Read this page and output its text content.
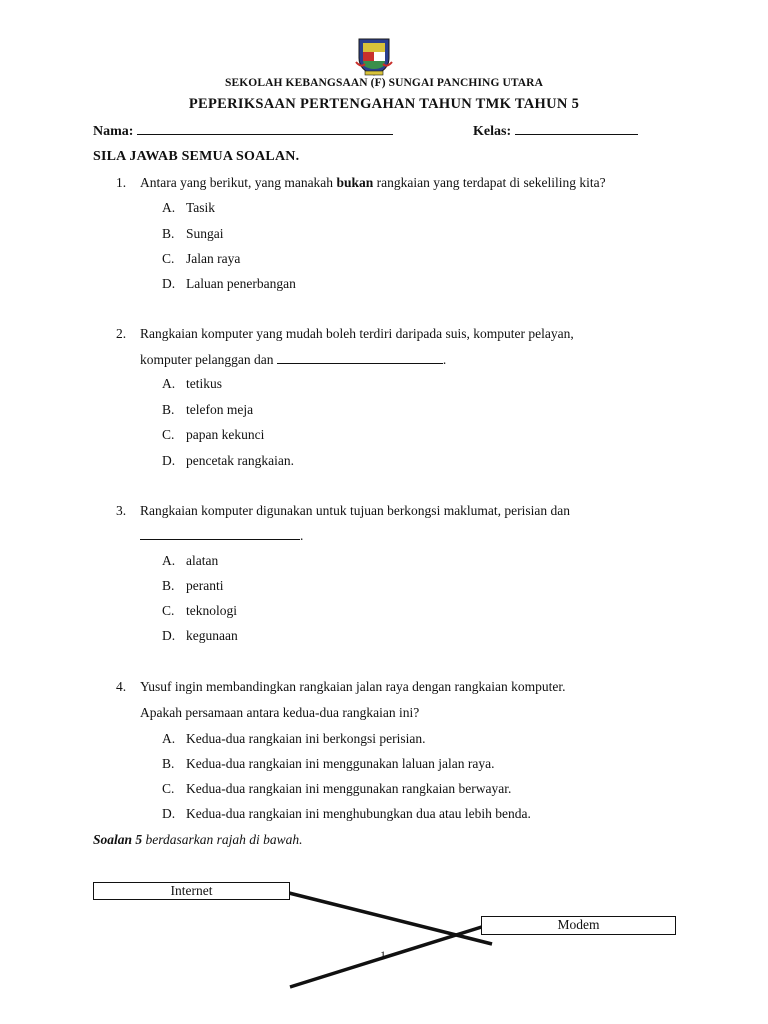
SEKOLAH KEBANGSAAN (F) SUNGAI PANCHING UTARA
PEPERIKSAAN PERTENGAHAN TAHUN TMK TAHUN 5
Nama:	Kelas:
SILA JAWAB SEMUA SOALAN.
1. Antara yang berikut, yang manakah bukan rangkaian yang terdapat di sekeliling kita?
A. Tasik
B. Sungai
C. Jalan raya
D. Laluan penerbangan
2. Rangkaian komputer yang mudah boleh terdiri daripada suis, komputer pelayan,
komputer pelanggan dan	.
A. tetikus
B. telefon meja
C. papan kekunci
D. pencetak rangkaian.
3. Rangkaian komputer digunakan untuk tujuan berkongsi maklumat, perisian dan
.
A. alatan
B. peranti
C. teknologi
D. kegunaan
4. Yusuf ingin membandingkan rangkaian jalan raya dengan rangkaian komputer.
Apakah persamaan antara kedua-dua rangkaian ini?
A. Kedua-dua rangkaian ini berkongsi perisian.
B. Kedua-dua rangkaian ini menggunakan laluan jalan raya.
C. Kedua-dua rangkaian ini menggunakan rangkaian berwayar.
D. Kedua-dua rangkaian ini menghubungkan dua atau lebih benda.
Soalan 5 berdasarkan rajah di bawah.
Internet
Modem
1
